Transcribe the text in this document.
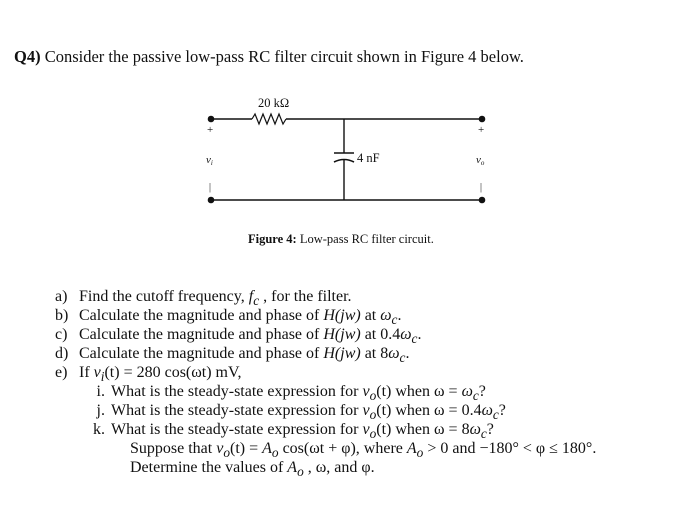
Q4) Consider the passive low-pass RC filter circuit shown in Figure 4 below.
20 kΩ
4 nF
+
|
+
|
vi	vo
Figure 4: Low-pass RC filter circuit.
a) Find the cutoff frequency, $f_c$ , for the filter.
b) Calculate the magnitude and phase of H(jw) at $\omega_c$.
c) Calculate the magnitude and phase of H(jw) at $0.4\omega_c$.
d) Calculate the magnitude and phase of H(jw) at $8\omega_c$.
e) If $v_i(t) = 280$ cos(ωt) mV,
i. What is the steady-state expression for $v_o(t)$ when $\omega = \omega_c$?
j. What is the steady-state expression for $v_o(t)$ when $\omega = 0.4\omega_c$?
k. What is the steady-state expression for $v_o(t)$ when $\omega = 8\omega_c$?
Suppose that $v_o(t) = A_o$ cos(ωt + φ), where $A_o > 0$ and −180° < φ ≤ 180°.
Determine the values of $A_o$ , ω, and φ.
